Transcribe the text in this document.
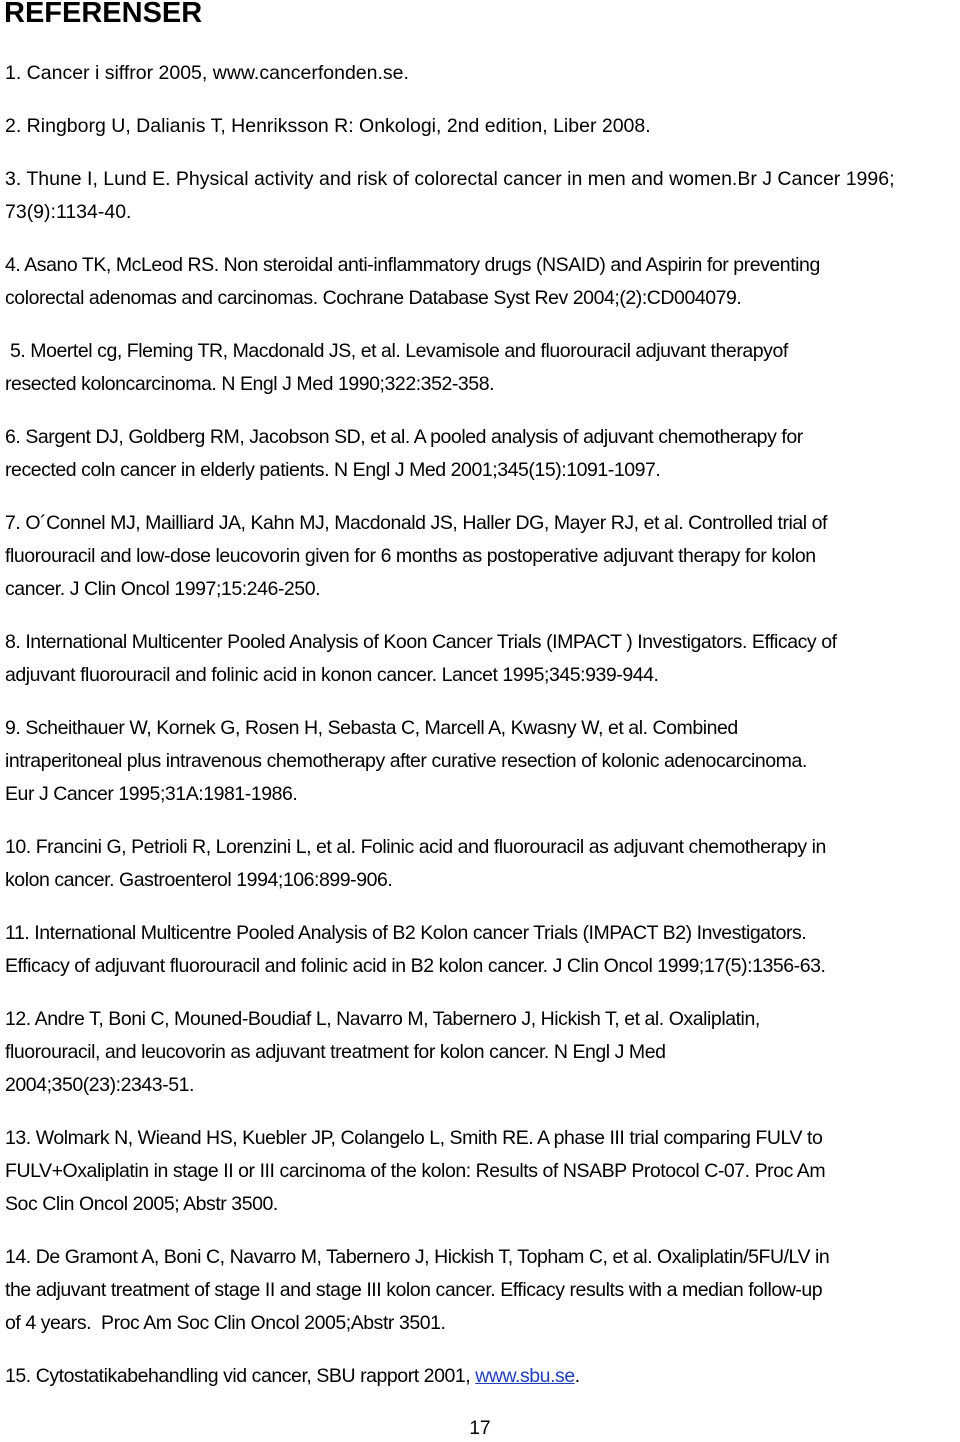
REFERENSER

1. Cancer i siffror 2005, www.cancerfonden.se.

2. Ringborg U, Dalianis T, Henriksson R: Onkologi, 2nd edition, Liber 2008.

3. Thune I, Lund E. Physical activity and risk of colorectal cancer in men and women.Br J Cancer 1996;
73(9):1134-40.

4. Asano TK, McLeod RS. Non steroidal anti-inflammatory drugs (NSAID) and Aspirin for preventing
colorectal adenomas and carcinomas. Cochrane Database Syst Rev 2004;(2):CD004079.

5. Moertel cg, Fleming TR, Macdonald JS, et al. Levamisole and fluorouracil adjuvant therapyof
resected koloncarcinoma. N Engl J Med 1990;322:352-358.

6. Sargent DJ, Goldberg RM, Jacobson SD, et al. A pooled analysis of adjuvant chemotherapy for
recected coln cancer in elderly patients. N Engl J Med 2001;345(15):1091-1097.

7. O´Connel MJ, Mailliard JA, Kahn MJ, Macdonald JS, Haller DG, Mayer RJ, et al. Controlled trial of
fluorouracil and low-dose leucovorin given for 6 months as postoperative adjuvant therapy for kolon
cancer. J Clin Oncol 1997;15:246-250.

8. International Multicenter Pooled Analysis of Koon Cancer Trials (IMPACT ) Investigators. Efficacy of
adjuvant fluorouracil and folinic acid in konon cancer. Lancet 1995;345:939-944.

9. Scheithauer W, Kornek G, Rosen H, Sebasta C, Marcell A, Kwasny W, et al. Combined
intraperitoneal plus intravenous chemotherapy after curative resection of kolonic adenocarcinoma.
Eur J Cancer 1995;31A:1981-1986.

10. Francini G, Petrioli R, Lorenzini L, et al. Folinic acid and fluorouracil as adjuvant chemotherapy in
kolon cancer. Gastroenterol 1994;106:899-906.

11. International Multicentre Pooled Analysis of B2 Kolon cancer Trials (IMPACT B2) Investigators.
Efficacy of adjuvant fluorouracil and folinic acid in B2 kolon cancer. J Clin Oncol 1999;17(5):1356-63.

12. Andre T, Boni C, Mouned-Boudiaf L, Navarro M, Tabernero J, Hickish T, et al. Oxaliplatin,
fluorouracil, and leucovorin as adjuvant treatment for kolon cancer. N Engl J Med
2004;350(23):2343-51.

13. Wolmark N, Wieand HS, Kuebler JP, Colangelo L, Smith RE. A phase III trial comparing FULV to
FULV+Oxaliplatin in stage II or III carcinoma of the kolon: Results of NSABP Protocol C-07. Proc Am
Soc Clin Oncol 2005; Abstr 3500.

14. De Gramont A, Boni C, Navarro M, Tabernero J, Hickish T, Topham C, et al. Oxaliplatin/5FU/LV in
the adjuvant treatment of stage II and stage III kolon cancer. Efficacy results with a median follow-up
of 4 years.  Proc Am Soc Clin Oncol 2005;Abstr 3501.

15. Cytostatikabehandling vid cancer, SBU rapport 2001, www.sbu.se.

17
